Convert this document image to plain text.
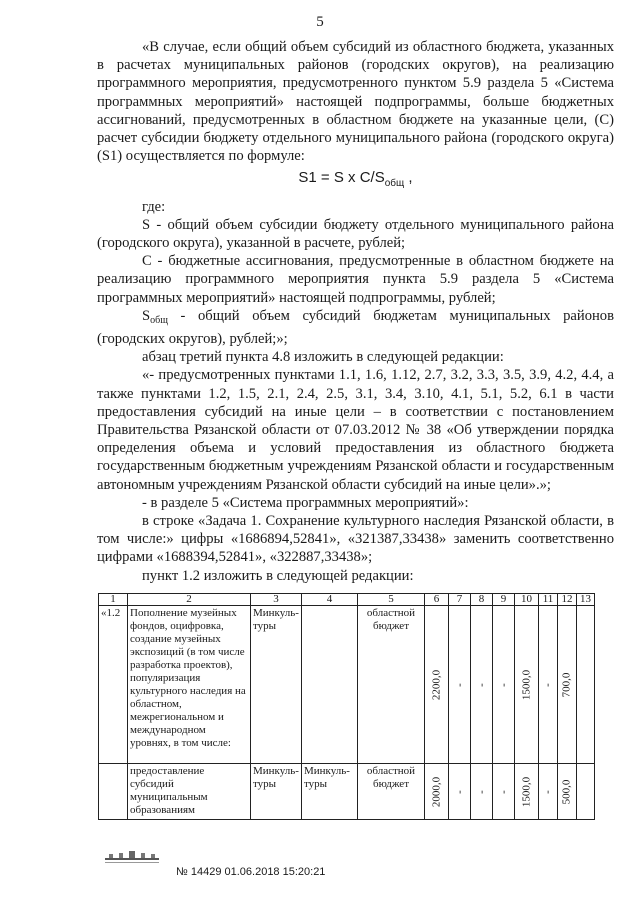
5

«В случае, если общий объем субсидий из областного бюджета, указанных в расчетах муниципальных районов (городских округов), на реализацию программного мероприятия, предусмотренного пунктом 5.9 раздела 5 «Система программных мероприятий» настоящей подпрограммы, больше бюджетных ассигнований, предусмотренных в областном бюджете на указанные цели, (С) расчет субсидии бюджету отдельного муниципального района (городского округа) (S1) осуществляется по формуле:

S1 = S x $C/S_{общ}$ ,

где:

S - общий объем субсидии бюджету отдельного муниципального района (городского округа), указанной в расчете, рублей;

С - бюджетные ассигнования, предусмотренные в областном бюджете на реализацию программного мероприятия пункта 5.9 раздела 5 «Система программных мероприятий» настоящей подпрограммы, рублей;

$S_{общ}$ - общий объем субсидий бюджетам муниципальных районов (городских округов), рублей;»;

абзац третий пункта 4.8 изложить в следующей редакции:

«- предусмотренных пунктами 1.1, 1.6, 1.12, 2.7, 3.2, 3.3, 3.5, 3.9, 4.2, 4.4, а также пунктами 1.2, 1.5, 2.1, 2.4, 2.5, 3.1, 3.4, 3.10, 4.1, 5.1, 5.2, 6.1 в части предоставления субсидий на иные цели – в соответствии с постановлением Правительства Рязанской области от 07.03.2012 № 38 «Об утверждении порядка определения объема и условий предоставления из областного бюджета государственным бюджетным учреждениям Рязанской области и государственным автономным учреждениям Рязанской области субсидий на иные цели».»;

- в разделе 5 «Система программных мероприятий»:

в строке «Задача 1. Сохранение культурного наследия Рязанской области, в том числе:» цифры «1686894,52841», «321387,33438» заменить соответственно цифрами «1688394,52841», «322887,33438»;

пункт 1.2 изложить в следующей редакции:

1	2	3	4	5	6	7	8	9	10	11	12	13
«1.2	Пополнение музейных фондов, оцифровка, создание музейных экспозиций (в том числе разработка проектов), популяризация культурного наследия на областном, межрегиональном и международном уровнях, в том числе:	Минкуль-туры		областной бюджет	2200,0	-	-	-	1500,0	-	700,0	

	предоставление субсидий муниципальным образованиям	Минкуль-туры	Минкуль-туры	областной бюджет	2000,0	-	-	-	1500,0	-	500,0	

№ 14429 01.06.2018 15:20:21
